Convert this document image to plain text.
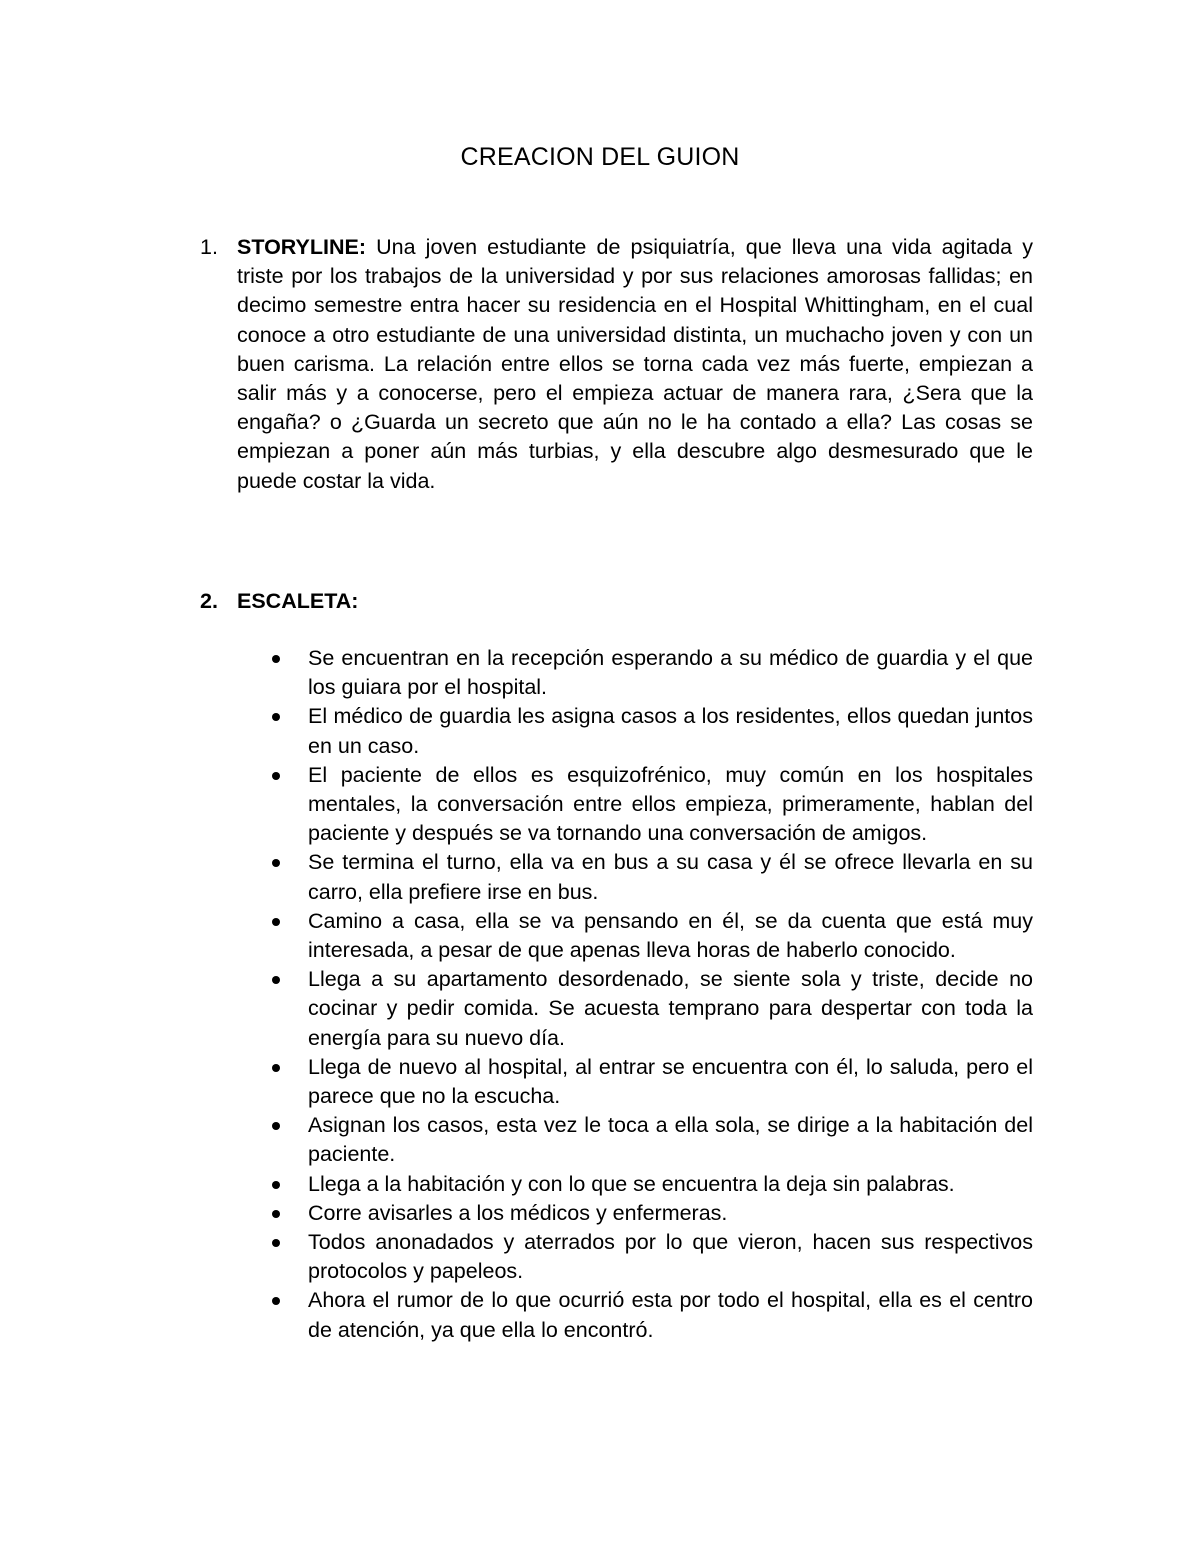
CREACION DEL GUION
1. STORYLINE: Una joven estudiante de psiquiatría, que lleva una vida agitada y triste por los trabajos de la universidad y por sus relaciones amorosas fallidas; en decimo semestre entra hacer su residencia en el Hospital Whittingham, en el cual conoce a otro estudiante de una universidad distinta, un muchacho joven y con un buen carisma. La relación entre ellos se torna cada vez más fuerte, empiezan a salir más y a conocerse, pero el empieza actuar de manera rara, ¿Sera que la engaña? o ¿Guarda un secreto que aún no le ha contado a ella? Las cosas se empiezan a poner aún más turbias, y ella descubre algo desmesurado que le puede costar la vida.
2. ESCALETA:
Se encuentran en la recepción esperando a su médico de guardia y el que los guiara por el hospital.
El médico de guardia les asigna casos a los residentes, ellos quedan juntos en un caso.
El paciente de ellos es esquizofrénico, muy común en los hospitales mentales, la conversación entre ellos empieza, primeramente, hablan del paciente y después se va tornando una conversación de amigos.
Se termina el turno, ella va en bus a su casa y él se ofrece llevarla en su carro, ella prefiere irse en bus.
Camino a casa, ella se va pensando en él, se da cuenta que está muy interesada, a pesar de que apenas lleva horas de haberlo conocido.
Llega a su apartamento desordenado, se siente sola y triste, decide no cocinar y pedir comida. Se acuesta temprano para despertar con toda la energía para su nuevo día.
Llega de nuevo al hospital, al entrar se encuentra con él, lo saluda, pero el parece que no la escucha.
Asignan los casos, esta vez le toca a ella sola, se dirige a la habitación del paciente.
Llega a la habitación y con lo que se encuentra la deja sin palabras.
Corre avisarles a los médicos y enfermeras.
Todos anonadados y aterrados por lo que vieron, hacen sus respectivos protocolos y papeleos.
Ahora el rumor de lo que ocurrió esta por todo el hospital, ella es el centro de atención, ya que ella lo encontró.
